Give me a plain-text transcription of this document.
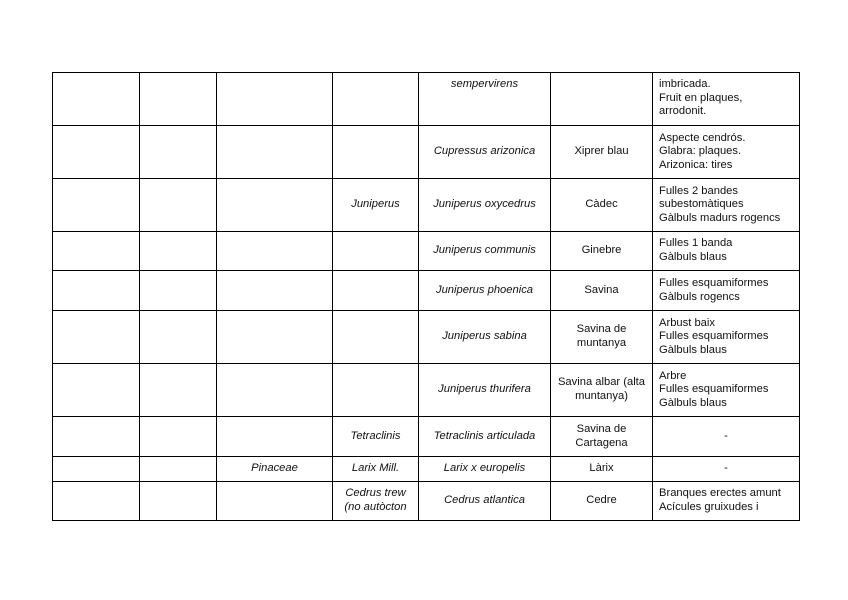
				sempervirens		imbricada.
Fruit en plaques,
arrodonit.

				Cupressus arizonica	Xiprer blau	Aspecte cendrós.
Glabra: plaques.
Arizonica: tires

			Juniperus	Juniperus oxycedrus	Càdec	Fulles 2 bandes
subestomàtiques
Gàlbuls madurs rogencs

				Juniperus communis	Ginebre	Fulles 1 banda
Gàlbuls blaus

				Juniperus phoenica	Savina	Fulles esquamiformes
Gàlbuls rogencs

				Juniperus sabina	Savina de muntanya	Arbust baix
Fulles esquamiformes
Gàlbuls blaus

				Juniperus thurifera	Savina albar (alta muntanya)	Arbre
Fulles esquamiformes
Gàlbuls blaus

			Tetraclinis	Tetraclinis articulada	Savina de Cartagena	-
		Pinaceae	Larix Mill.	Larix x europelis	Làrix	-
			Cedrus trew (no autòcton	Cedrus atlantica	Cedre	Branques erectes amunt
Acícules gruixudes i
